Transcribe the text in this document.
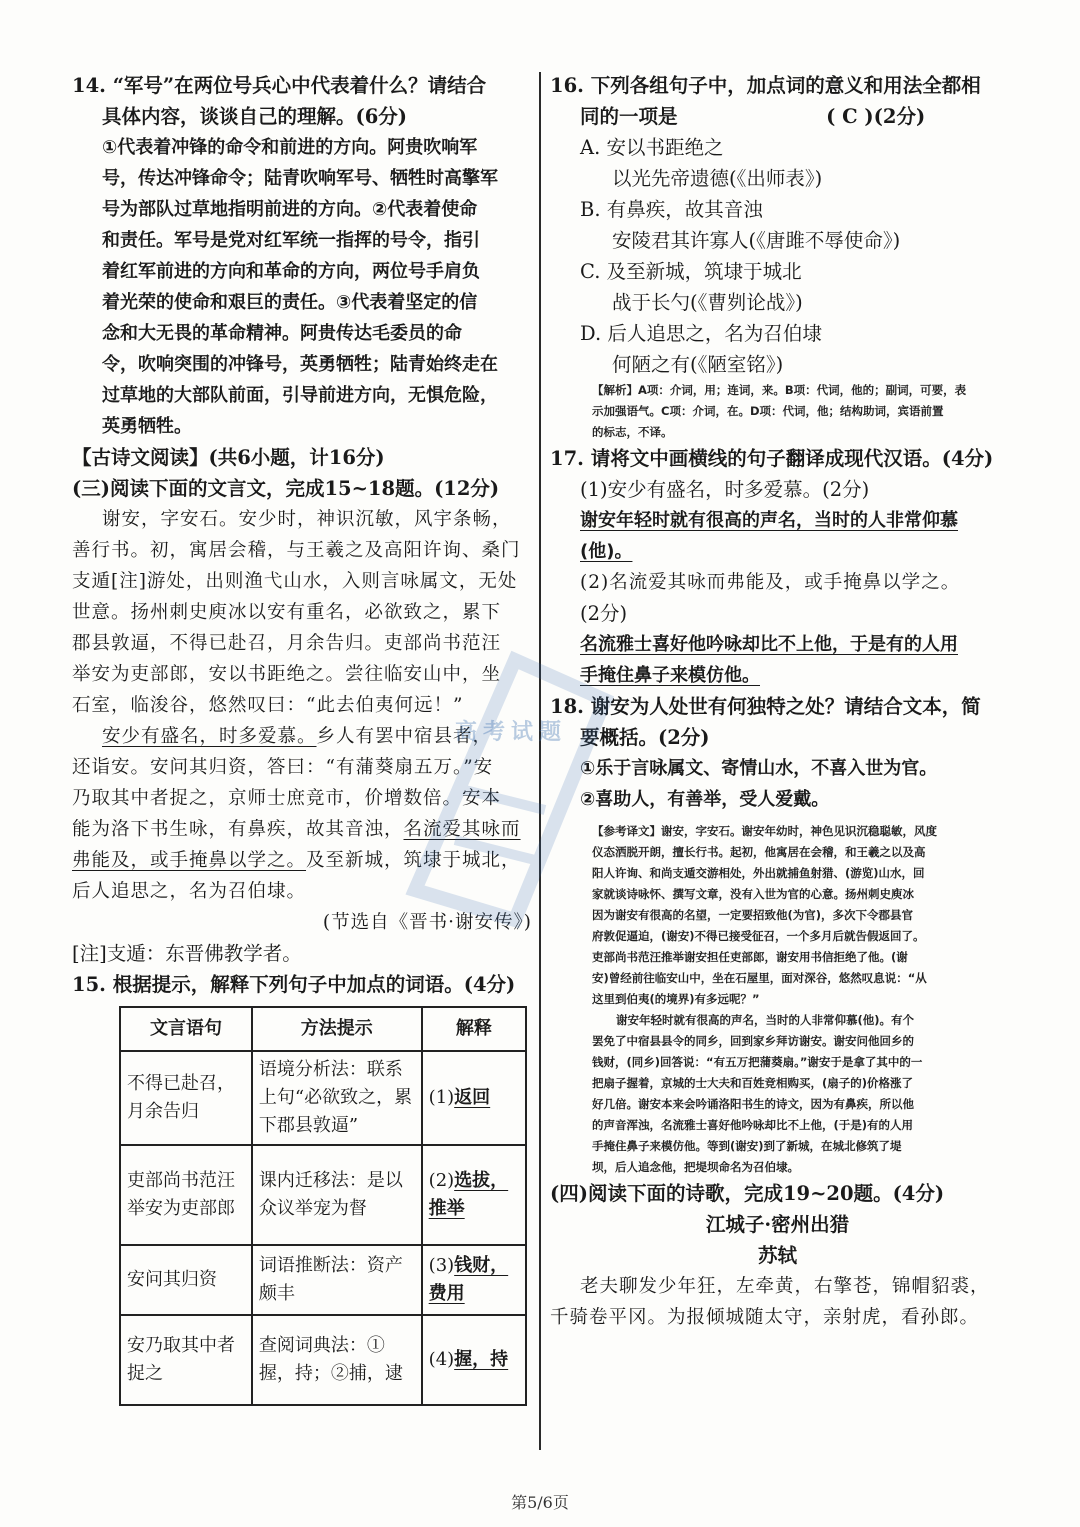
14. “军号”在两位号兵心中代表着什么？请结合
具体内容，谈谈自己的理解。(6分)
①代表着冲锋的命令和前进的方向。阿贵吹响军
号，传达冲锋命令；陆青吹响军号、牺牲时高擎军
号为部队过草地指明前进的方向。②代表着使命
和责任。军号是党对红军统一指挥的号令，指引
着红军前进的方向和革命的方向，两位号手肩负
着光荣的使命和艰巨的责任。③代表着坚定的信
念和大无畏的革命精神。阿贵传达毛委员的命
令，吹响突围的冲锋号，英勇牺牲；陆青始终走在
过草地的大部队前面，引导前进方向，无惧危险，
英勇牺牲。
【古诗文阅读】(共6小题，计16分)
(三)阅读下面的文言文，完成15~18题。(12分)
谢安，字安石。安少时，神识沉敏，风宇条畅，
善行书。初，寓居会稽，与王羲之及高阳许询、桑门
支遁[注]游处，出则渔弋山水，入则言咏属文，无处
世意。扬州刺史庾冰以安有重名，必欲致之，累下
郡县敦逼，不得已赴召，月余告归。吏部尚书范汪
举安为吏部郎，安以书距绝之。尝往临安山中，坐
石室，临浚谷，悠然叹曰：“此去伯夷何远！”
安少有盛名，时多爱慕。乡人有罢中宿县者，
还诣安。安问其归资，答曰：“有蒲葵扇五万。”安
乃取其中者捉之，京师士庶竞市，价增数倍。安本
能为洛下书生咏，有鼻疾，故其音浊，名流爱其咏而
弗能及，或手掩鼻以学之。及至新城，筑埭于城北，
后人追思之，名为召伯埭。
(节选自《晋书·谢安传》)
[注]支遁：东晋佛教学者。
15. 根据提示，解释下列句子中加点的词语。(4分)
文言语句	方法提示	解释
不得已赴召，月余告归	语境分析法：联系上句“必欲致之，累下郡县敦逼”	(1)返回
吏部尚书范汪举安为吏部郎	课内迁移法：是以众议举宠为督	(2)选拔，推举
安问其归资	词语推断法：资产颇丰	(3)钱财，费用
安乃取其中者捉之	查阅词典法：①握，持；②捕，逮	(4)握，持
16. 下列各组句子中，加点词的意义和用法全都相
同的一项是	( C )(2分)
A. 安以书距绝之
以光先帝遗德(《出师表》)
B. 有鼻疾，故其音浊
安陵君其许寡人(《唐雎不辱使命》)
C. 及至新城，筑埭于城北
战于长勺(《曹刿论战》)
D. 后人追思之，名为召伯埭
何陋之有(《陋室铭》)
【解析】A项：介词，用；连词，来。B项：代词，他的；副词，可要，表
示加强语气。C项：介词，在。D项：代词，他；结构助词，宾语前置
的标志，不译。
17. 请将文中画横线的句子翻译成现代汉语。(4分)
(1)安少有盛名，时多爱慕。(2分)
谢安年轻时就有很高的声名，当时的人非常仰慕
(他)。
(2)名流爱其咏而弗能及，或手掩鼻以学之。
(2分)
名流雅士喜好他吟咏却比不上他，于是有的人用
手掩住鼻子来模仿他。
18. 谢安为人处世有何独特之处？请结合文本，简
要概括。(2分)
①乐于言咏属文、寄情山水，不喜入世为官。
②喜助人，有善举，受人爱戴。
【参考译文】谢安，字安石。谢安年幼时，神色见识沉稳聪敏，风度
仪态洒脱开朗，擅长行书。起初，他寓居在会稽，和王羲之以及高
阳人许询、和尚支遁交游相处，外出就捕鱼射猎、(游览)山水，回
家就谈诗咏怀、撰写文章，没有入世为官的心意。扬州刺史庾冰
因为谢安有很高的名望，一定要招致他(为官)，多次下令郡县官
府敦促逼迫，(谢安)不得已接受征召，一个多月后就告假返回了。
吏部尚书范汪推举谢安担任吏部郎，谢安用书信拒绝了他。(谢
安)曾经前往临安山中，坐在石屋里，面对深谷，悠然叹息说：“从
这里到伯夷(的境界)有多远呢？”
谢安年轻时就有很高的声名，当时的人非常仰慕(他)。有个
罢免了中宿县县令的同乡，回到家乡拜访谢安。谢安问他回乡的
钱财，(同乡)回答说：“有五万把蒲葵扇。”谢安于是拿了其中的一
把扇子握着，京城的士大夫和百姓竞相购买，(扇子的)价格涨了
好几倍。谢安本来会吟诵洛阳书生的诗文，因为有鼻疾，所以他
的声音浑浊，名流雅士喜好他吟咏却比不上他，(于是)有的人用
手掩住鼻子来模仿他。等到(谢安)到了新城，在城北修筑了堤
坝，后人追念他，把堤坝命名为召伯埭。
(四)阅读下面的诗歌，完成19~20题。(4分)
江城子·密州出猎
苏轼
老夫聊发少年狂，左牵黄，右擎苍，锦帽貂裘，
千骑卷平冈。为报倾城随太守，亲射虎，看孙郎。
高考试题
第5/6页
